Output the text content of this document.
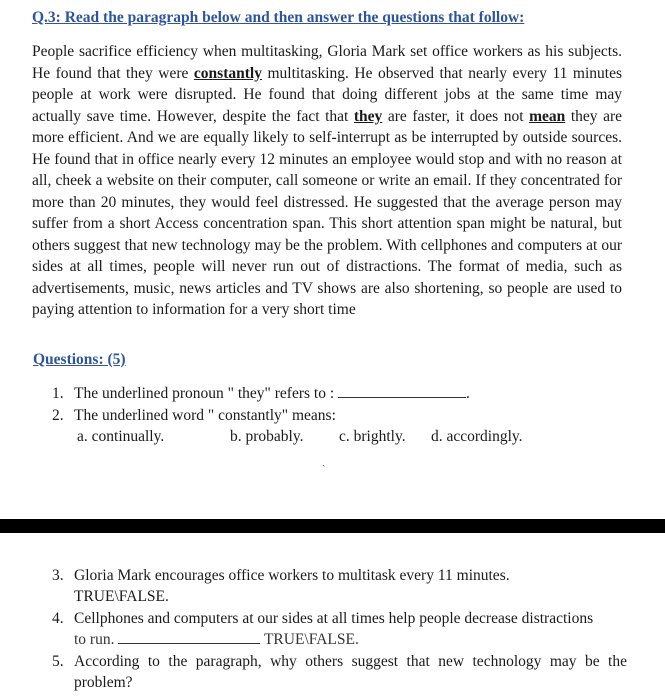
Q.3: Read the paragraph below and then answer the questions that follow:

People sacrifice efficiency when multitasking, Gloria Mark set office workers as his subjects. He found that they were constantly multitasking. He observed that nearly every 11 minutes people at work were disrupted. He found that doing different jobs at the same time may actually save time. However, despite the fact that they are faster, it does not mean they are more efficient. And we are equally likely to self-interrupt as be interrupted by outside sources. He found that in office nearly every 12 minutes an employee would stop and with no reason at all, cheek a website on their computer, call someone or write an email. If they concentrated for more than 20 minutes, they would feel distressed. He suggested that the average person may suffer from a short Access concentration span. This short attention span might be natural, but others suggest that new technology may be the problem. With cellphones and computers at our sides at all times, people will never run out of distractions. The format of media, such as advertisements, music, news articles and TV shows are also shortening, so people are used to paying attention to information for a very short time

Questions: (5)
1. The underlined pronoun " they" refers to :	.
2. The underlined word " constantly" means:
a. continually.	b. probably. c. brightly. d. accordingly.
ˎ
3. Gloria Mark encourages office workers to multitask every 11 minutes.
TRUE\FALSE.
4. Cellphones and computers at our sides at all times help people decrease distractions
to run.	TRUE\FALSE.
5. According to the paragraph, why others suggest that new technology may be the problem?
